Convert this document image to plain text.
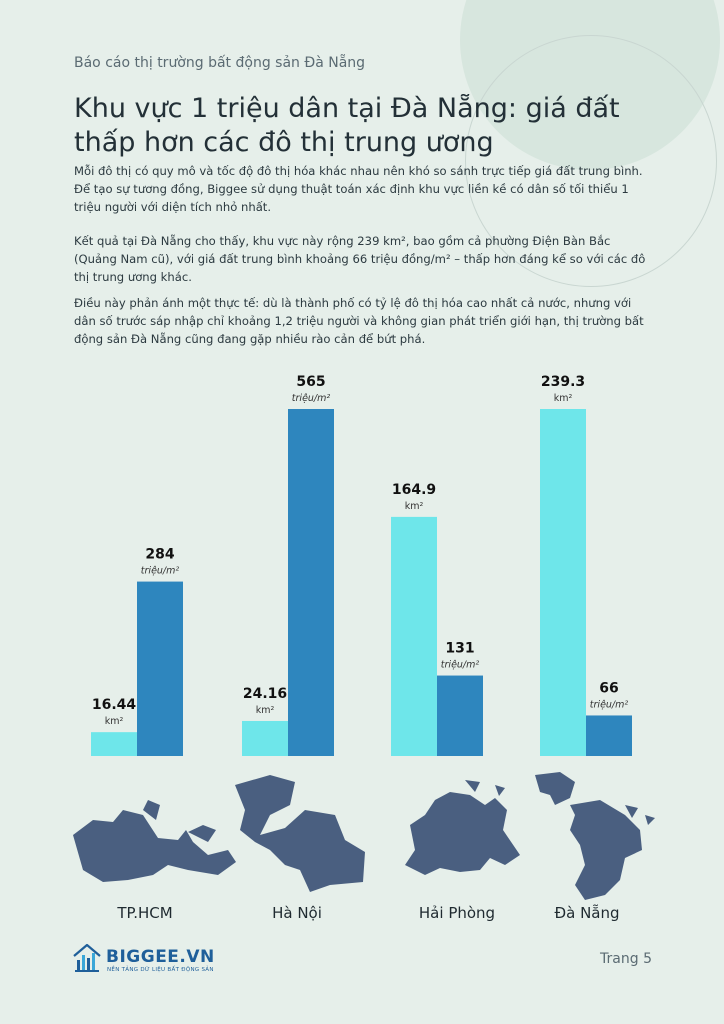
Báo cáo thị trường bất động sản Đà Nẵng
Khu vực 1 triệu dân tại Đà Nẵng: giá đất thấp hơn các đô thị trung ương

Mỗi đô thị có quy mô và tốc độ đô thị hóa khác nhau nên khó so sánh trực tiếp giá đất trung bình. Để tạo sự tương đồng, Biggee sử dụng thuật toán xác định khu vực liền kề có dân số tối thiểu 1 triệu người với diện tích nhỏ nhất.

Kết quả tại Đà Nẵng cho thấy, khu vực này rộng 239 km², bao gồm cả phường Điện Bàn Bắc (Quảng Nam cũ), với giá đất trung bình khoảng 66 triệu đồng/m² – thấp hơn đáng kể so với các đô thị trung ương khác.

Điều này phản ánh một thực tế: dù là thành phố có tỷ lệ đô thị hóa cao nhất cả nước, nhưng với dân số trước sáp nhập chỉ khoảng 1,2 triệu người và không gian phát triển giới hạn, thị trường bất động sản Đà Nẵng cũng đang gặp nhiều rào cản để bứt phá.

16.44
km²
284
triệu/m²
24.16
km²
565
triệu/m²
164.9
km²
131
triệu/m²
239.3
km²
66
triệu/m²
TP.HCM	Hà Nội	Hải Phòng	Đà Nẵng
BIGGEE.VN
NỀN TẢNG DỮ LIỆU BẤT ĐỘNG SẢN
Trang 5
